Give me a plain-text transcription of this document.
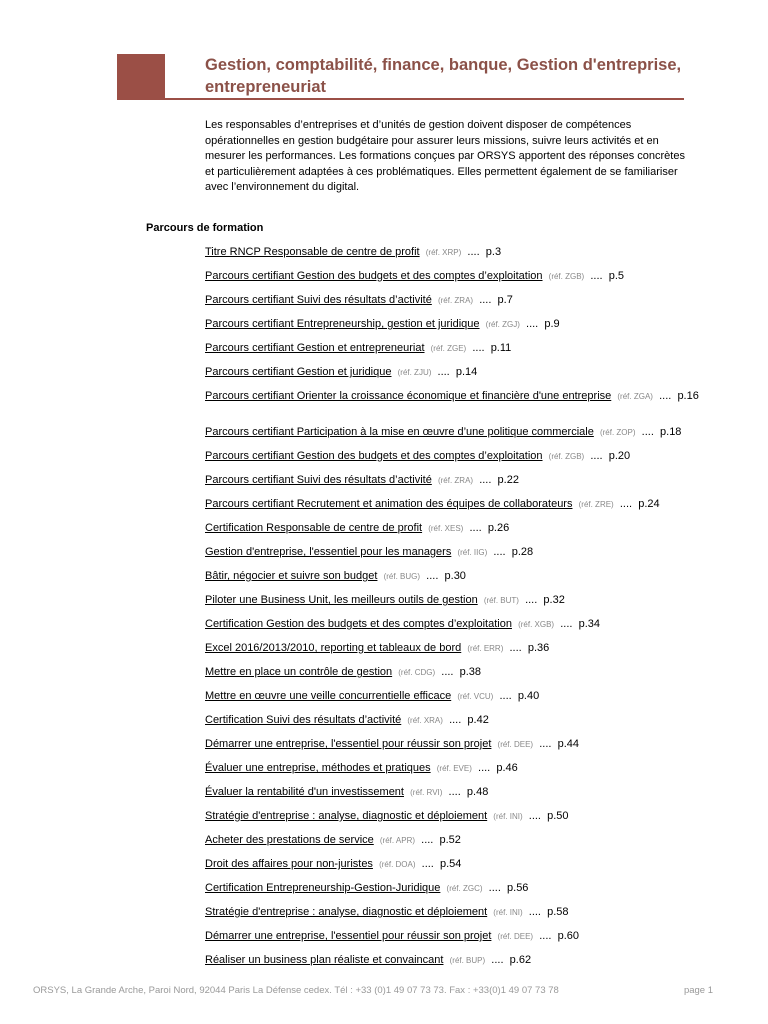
Gestion, comptabilité, finance, banque, Gestion d'entreprise, entrepreneuriat

Les responsables d’entreprises et d’unités de gestion doivent disposer de compétences opérationnelles en gestion budgétaire pour assurer leurs missions, suivre leurs activités et en mesurer les performances. Les formations conçues par ORSYS apportent des réponses concrètes et particulièrement adaptées à ces problématiques. Elles permettent également de se familiariser avec l’environnement du digital.

Parcours de formation
Titre RNCP Responsable de centre de profit (réf. XRP) .... p.3
Parcours certifiant Gestion des budgets et des comptes d’exploitation (réf. ZGB) .... p.5
Parcours certifiant Suivi des résultats d’activité (réf. ZRA) .... p.7
Parcours certifiant Entrepreneurship, gestion et juridique (réf. ZGJ) .... p.9
Parcours certifiant Gestion et entrepreneuriat (réf. ZGE) .... p.11
Parcours certifiant Gestion et juridique (réf. ZJU) .... p.14
Parcours certifiant Orienter la croissance économique et financière d'une entreprise (réf. ZGA) .... p.16
Parcours certifiant Participation à la mise en œuvre d’une politique commerciale (réf. ZOP) .... p.18
Parcours certifiant Gestion des budgets et des comptes d’exploitation (réf. ZGB) .... p.20
Parcours certifiant Suivi des résultats d’activité (réf. ZRA) .... p.22
Parcours certifiant Recrutement et animation des équipes de collaborateurs (réf. ZRE) .... p.24
Certification Responsable de centre de profit (réf. XES) .... p.26
Gestion d'entreprise, l'essentiel pour les managers (réf. IIG) .... p.28
Bâtir, négocier et suivre son budget (réf. BUG) .... p.30
Piloter une Business Unit, les meilleurs outils de gestion (réf. BUT) .... p.32
Certification Gestion des budgets et des comptes d’exploitation (réf. XGB) .... p.34
Excel 2016/2013/2010, reporting et tableaux de bord (réf. ERR) .... p.36
Mettre en place un contrôle de gestion (réf. CDG) .... p.38
Mettre en œuvre une veille concurrentielle efficace (réf. VCU) .... p.40
Certification Suivi des résultats d’activité (réf. XRA) .... p.42
Démarrer une entreprise, l'essentiel pour réussir son projet (réf. DEE) .... p.44
Évaluer une entreprise, méthodes et pratiques (réf. EVE) .... p.46
Évaluer la rentabilité d'un investissement (réf. RVI) .... p.48
Stratégie d'entreprise : analyse, diagnostic et déploiement (réf. INI) .... p.50
Acheter des prestations de service (réf. APR) .... p.52
Droit des affaires pour non-juristes (réf. DOA) .... p.54
Certification Entrepreneurship-Gestion-Juridique (réf. ZGC) .... p.56
Stratégie d'entreprise : analyse, diagnostic et déploiement (réf. INI) .... p.58
Démarrer une entreprise, l'essentiel pour réussir son projet (réf. DEE) .... p.60
Réaliser un business plan réaliste et convaincant (réf. BUP) .... p.62
ORSYS, La Grande Arche, Paroi Nord, 92044 Paris La Défense cedex. Tél : +33 (0)1 49 07 73 73. Fax : +33(0)1 49 07 73 78	page 1
